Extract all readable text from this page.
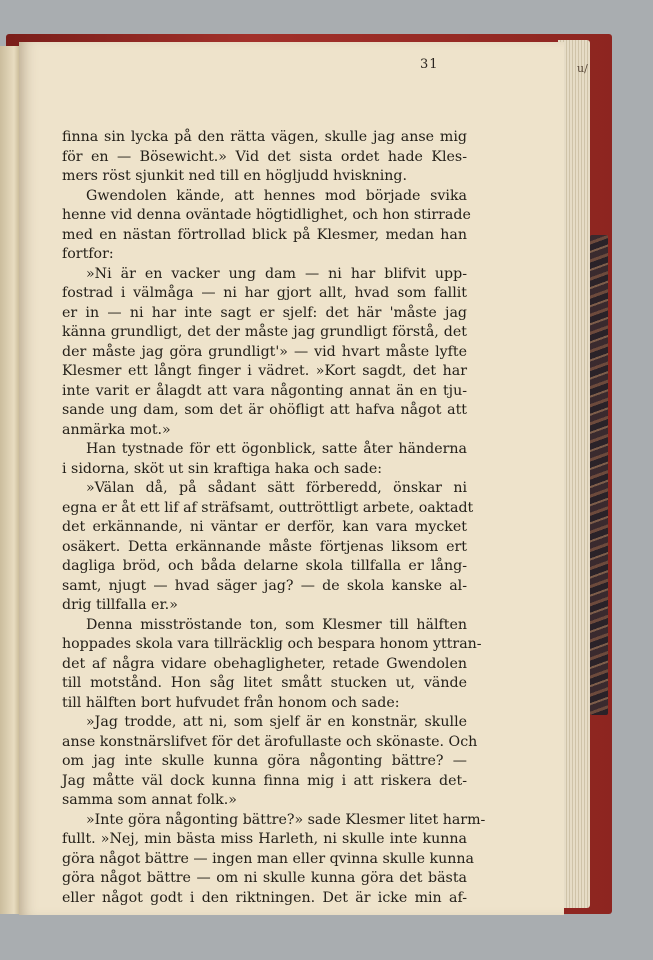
u/
31
finna sin lycka på den rätta vägen, skulle jag anse mig
för en — Bösewicht.» Vid det sista ordet hade Kles-
mers röst sjunkit ned till en högljudd hviskning.
Gwendolen kände, att hennes mod började svika
henne vid denna oväntade högtidlighet, och hon stirrade
med en nästan förtrollad blick på Klesmer, medan han
fortfor:
»Ni är en vacker ung dam — ni har blifvit upp-
fostrad i välmåga — ni har gjort allt, hvad som fallit
er in — ni har inte sagt er sjelf: det här 'måste jag
känna grundligt, det der måste jag grundligt förstå, det
der måste jag göra grundligt'» — vid hvart måste lyfte
Klesmer ett långt finger i vädret. »Kort sagdt, det har
inte varit er ålagdt att vara någonting annat än en tju-
sande ung dam, som det är ohöfligt att hafva något att
anmärka mot.»
Han tystnade för ett ögonblick, satte åter händerna
i sidorna, sköt ut sin kraftiga haka och sade:
»Välan då, på sådant sätt förberedd, önskar ni
egna er åt ett lif af sträfsamt, outtröttligt arbete, oaktadt
det erkännande, ni väntar er derför, kan vara mycket
osäkert. Detta erkännande måste förtjenas liksom ert
dagliga bröd, och båda delarne skola tillfalla er lång-
samt, njugt — hvad säger jag? — de skola kanske al-
drig tillfalla er.»
Denna misströstande ton, som Klesmer till hälften
hoppades skola vara tillräcklig och bespara honom yttran-
det af några vidare obehagligheter, retade Gwendolen
till motstånd. Hon såg litet smått stucken ut, vände
till hälften bort hufvudet från honom och sade:
»Jag trodde, att ni, som sjelf är en konstnär, skulle
anse konstnärslifvet för det ärofullaste och skönaste. Och
om jag inte skulle kunna göra någonting bättre? —
Jag måtte väl dock kunna finna mig i att riskera det-
samma som annat folk.»
»Inte göra någonting bättre?» sade Klesmer litet harm-
fullt. »Nej, min bästa miss Harleth, ni skulle inte kunna
göra något bättre — ingen man eller qvinna skulle kunna
göra något bättre — om ni skulle kunna göra det bästa
eller något godt i den riktningen. Det är icke min af-
